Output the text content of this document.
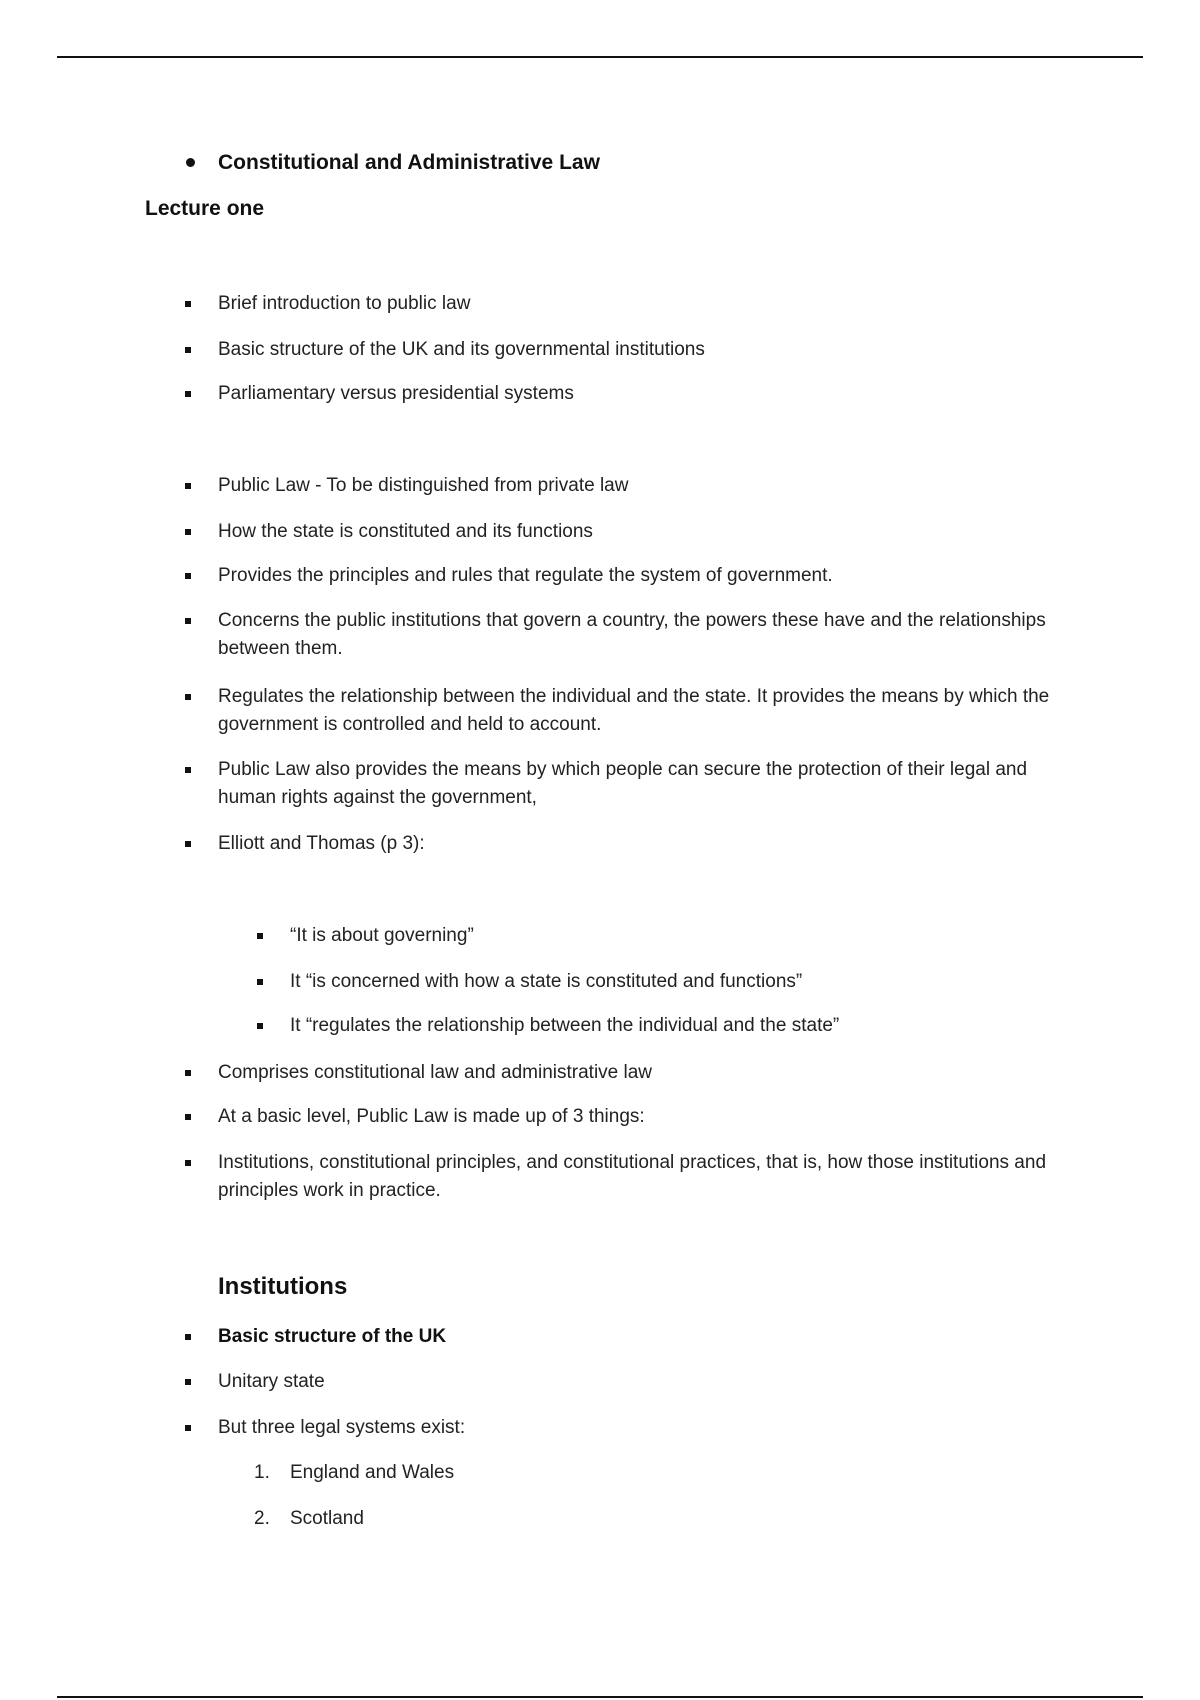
Constitutional and Administrative Law
Lecture one
Brief introduction to public law
Basic structure of the UK and its governmental institutions
Parliamentary versus presidential systems
Public Law - To be distinguished from private law
How the state is constituted and its functions
Provides the principles and rules that regulate the system of government.
Concerns the public institutions that govern a country, the powers these have and the relationships between them.
Regulates the relationship between the individual and the state. It provides the means by which the government is controlled and held to account.
Public Law also provides the means by which people can secure the protection of their legal and human rights against the government,
Elliott and Thomas (p 3):
“It is about governing”
It “is concerned with how a state is constituted and functions”
It “regulates the relationship between the individual and the state”
Comprises constitutional law and administrative law
At a basic level, Public Law is made up of 3 things:
Institutions, constitutional principles, and constitutional practices, that is, how those institutions and principles work in practice.
Institutions
Basic structure of the UK
Unitary state
But three legal systems exist:
1. England and Wales
2. Scotland
